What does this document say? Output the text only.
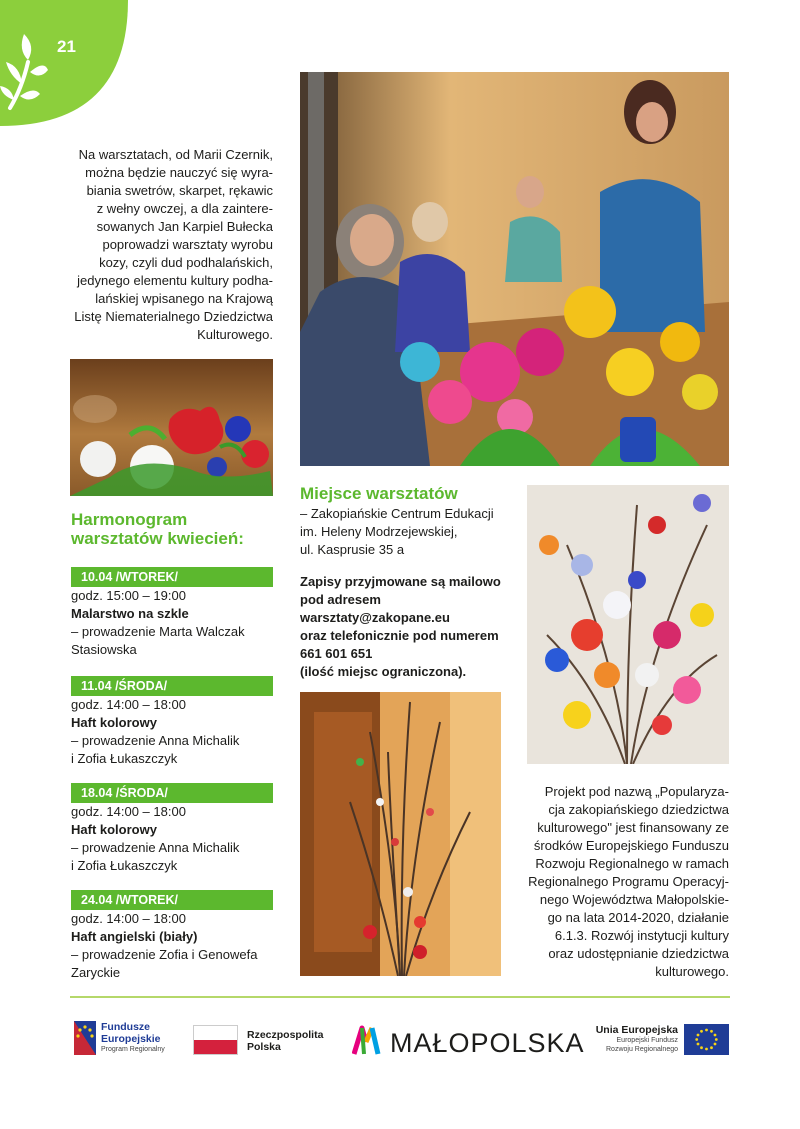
21
Na warsztatach, od Marii Czernik,
można będzie nauczyć się wyra-
biania swetrów, skarpet, rękawic
z wełny owczej, a dla zaintere-
sowanych Jan Karpiel Bułecka
poprowadzi warsztaty wyrobu
kozy, czyli dud podhalańskich,
jedynego elementu kultury podha-
lańskiej wpisanego na Krajową
Listę Niematerialnego Dziedzictwa
Kulturowego.
Harmonogram
warsztatów kwiecień:
10.04 /WTOREK/
godz. 15:00 – 19:00
Malarstwo na szkle
– prowadzenie Marta Walczak
Stasiowska
11.04 /ŚRODA/
godz. 14:00 – 18:00
Haft kolorowy
– prowadzenie Anna Michalik
i Zofia Łukaszczyk
18.04 /ŚRODA/
godz. 14:00 – 18:00
Haft kolorowy
– prowadzenie Anna Michalik
i Zofia Łukaszczyk
24.04 /WTOREK/
godz. 14:00 – 18:00
Haft angielski (biały)
– prowadzenie Zofia i Genowefa
Zaryckie
Miejsce warsztatów
– Zakopiańskie Centrum Edukacji
im. Heleny Modrzejewskiej,
ul. Kasprusie 35 a
Zapisy przyjmowane są mailowo
pod adresem
warsztaty@zakopane.eu
oraz telefonicznie pod numerem
661 601 651
(ilość miejsc ograniczona).
Projekt pod nazwą „Popularyza-
cja zakopiańskiego dziedzictwa
kulturowego" jest finansowany ze
środków Europejskiego Funduszu
Rozwoju Regionalnego w ramach
Regionalnego Programu Operacyj-
nego Województwa Małopolskie-
go na lata 2014-2020, działanie
6.1.3. Rozwój instytucji kultury
oraz udostępnianie dziedzictwa
kulturowego.
Fundusze
Europejskie
Program Regionalny
Rzeczpospolita
Polska	MAŁOPOLSKA	Unia Europejska
Europejski Fundusz
Rozwoju Regionalnego
